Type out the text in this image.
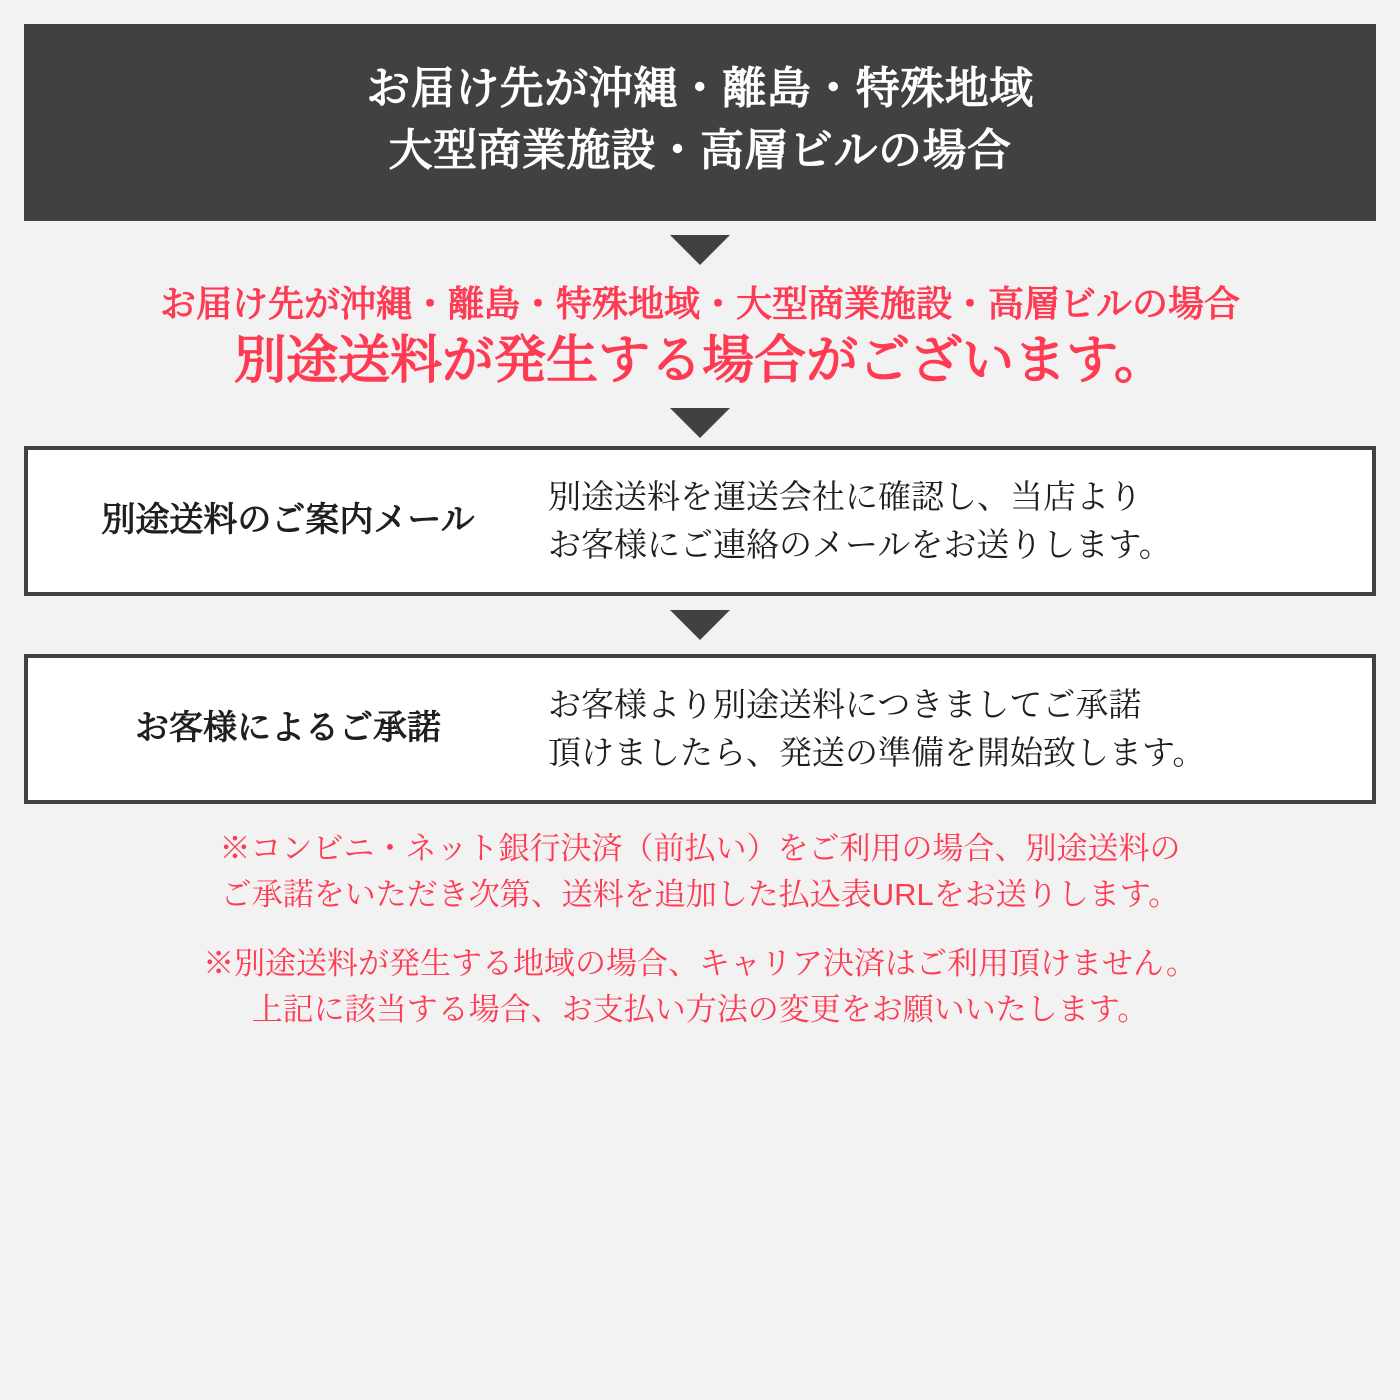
お届け先が沖縄・離島・特殊地域
大型商業施設・高層ビルの場合
お届け先が沖縄・離島・特殊地域・大型商業施設・高層ビルの場合
別途送料が発生する場合がございます。
別途送料のご案内メール
別途送料を運送会社に確認し、当店より
お客様にご連絡のメールをお送りします。
お客様によるご承諾
お客様より別途送料につきましてご承諾
頂けましたら、発送の準備を開始致します。
※コンビニ・ネット銀行決済（前払い）をご利用の場合、別途送料の
ご承諾をいただき次第、送料を追加した払込表URLをお送りします。
※別途送料が発生する地域の場合、キャリア決済はご利用頂けません。
上記に該当する場合、お支払い方法の変更をお願いいたします。
